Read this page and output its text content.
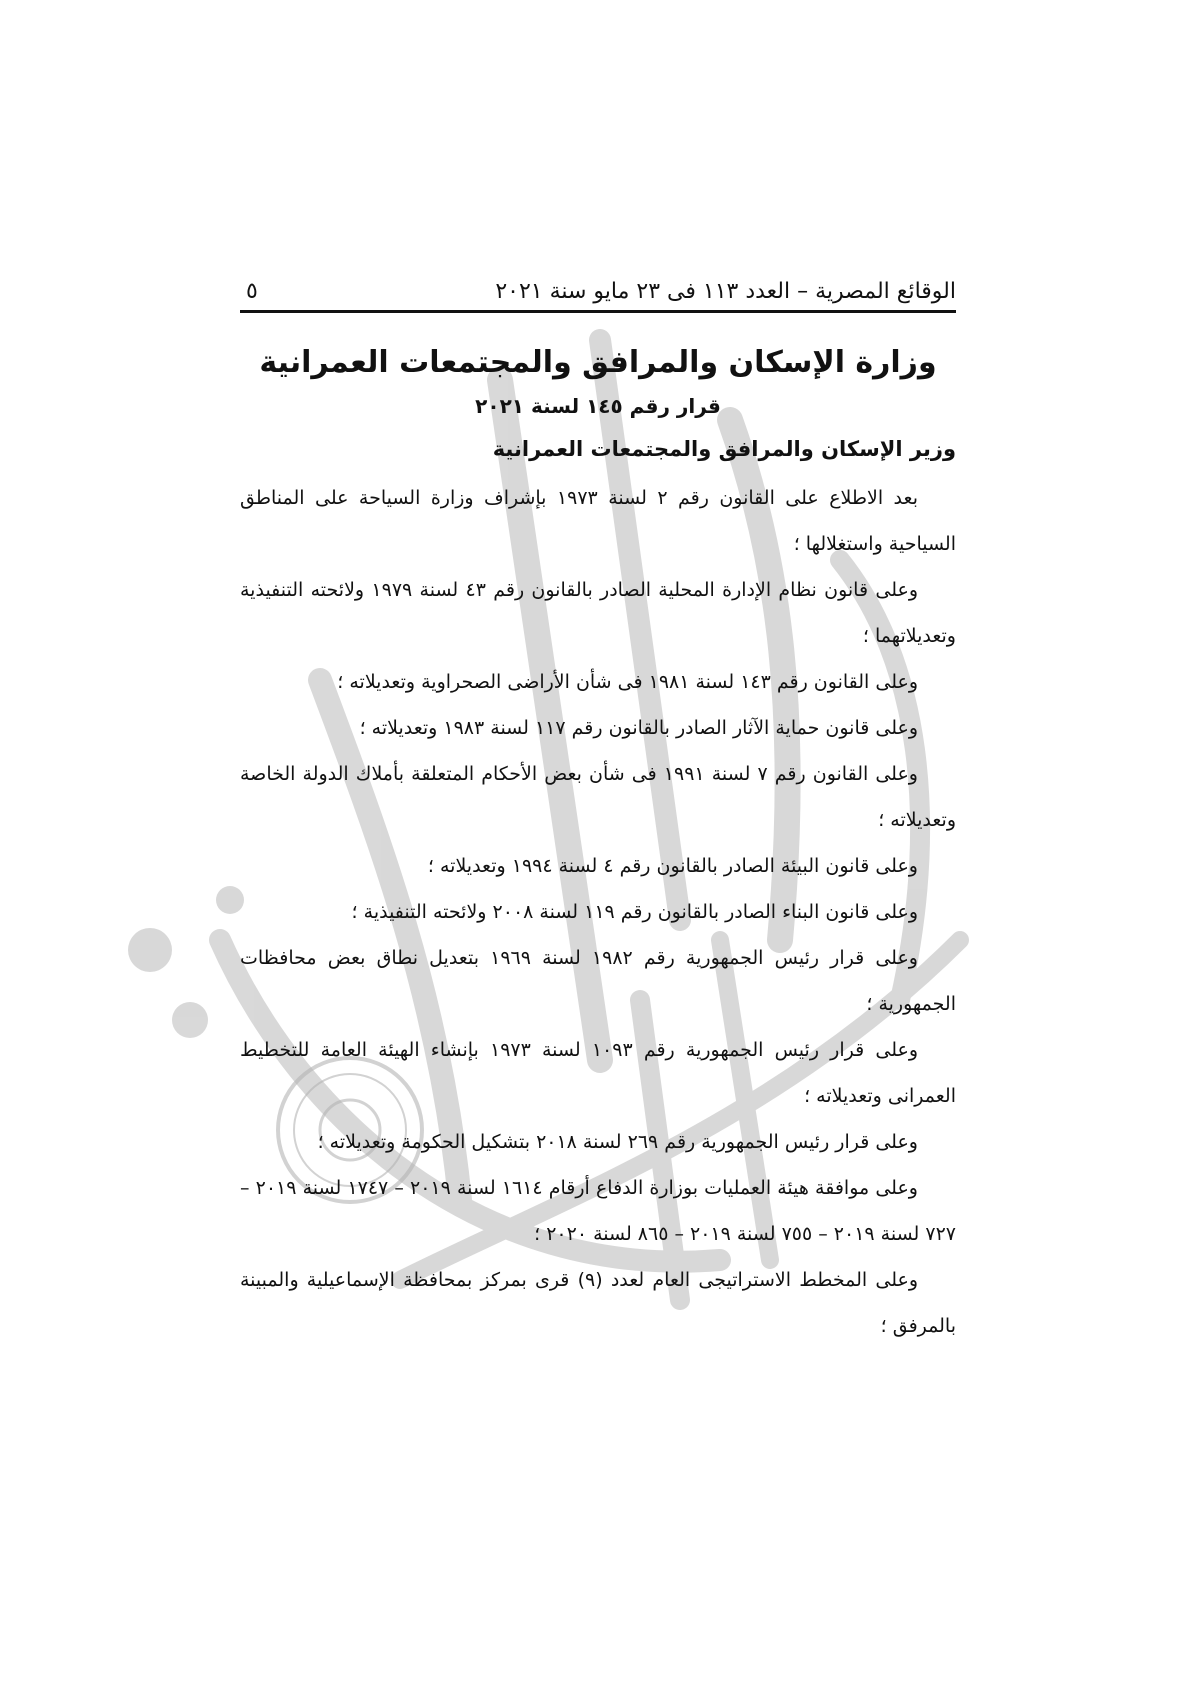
الوقائع المصرية – العدد ١١٣ فى ٢٣ مايو سنة ٢٠٢١
٥
وزارة الإسكان والمرافق والمجتمعات العمرانية
قرار رقم ١٤٥ لسنة ٢٠٢١
وزير الإسكان والمرافق والمجتمعات العمرانية

بعد الاطلاع على القانون رقم ٢ لسنة ١٩٧٣ بإشراف وزارة السياحة على المناطق السياحية واستغلالها ؛

وعلى قانون نظام الإدارة المحلية الصادر بالقانون رقم ٤٣ لسنة ١٩٧٩ ولائحته التنفيذية وتعديلاتهما ؛

وعلى القانون رقم ١٤٣ لسنة ١٩٨١ فى شأن الأراضى الصحراوية وتعديلاته ؛

وعلى قانون حماية الآثار الصادر بالقانون رقم ١١٧ لسنة ١٩٨٣ وتعديلاته ؛

وعلى القانون رقم ٧ لسنة ١٩٩١ فى شأن بعض الأحكام المتعلقة بأملاك الدولة الخاصة وتعديلاته ؛

وعلى قانون البيئة الصادر بالقانون رقم ٤ لسنة ١٩٩٤ وتعديلاته ؛

وعلى قانون البناء الصادر بالقانون رقم ١١٩ لسنة ٢٠٠٨ ولائحته التنفيذية ؛

وعلى قرار رئيس الجمهورية رقم ١٩٨٢ لسنة ١٩٦٩ بتعديل نطاق بعض محافظات الجمهورية ؛

وعلى قرار رئيس الجمهورية رقم ١٠٩٣ لسنة ١٩٧٣ بإنشاء الهيئة العامة للتخطيط العمرانى وتعديلاته ؛

وعلى قرار رئيس الجمهورية رقم ٢٦٩ لسنة ٢٠١٨ بتشكيل الحكومة وتعديلاته ؛

وعلى موافقة هيئة العمليات بوزارة الدفاع أرقام ١٦١٤ لسنة ٢٠١٩ – ١٧٤٧ لسنة ٢٠١٩ – ٧٢٧ لسنة ٢٠١٩ – ٧٥٥ لسنة ٢٠١٩ – ٨٦٥ لسنة ٢٠٢٠ ؛

وعلى المخطط الاستراتيجى العام لعدد (٩) قرى بمركز بمحافظة الإسماعيلية والمبينة بالمرفق ؛
